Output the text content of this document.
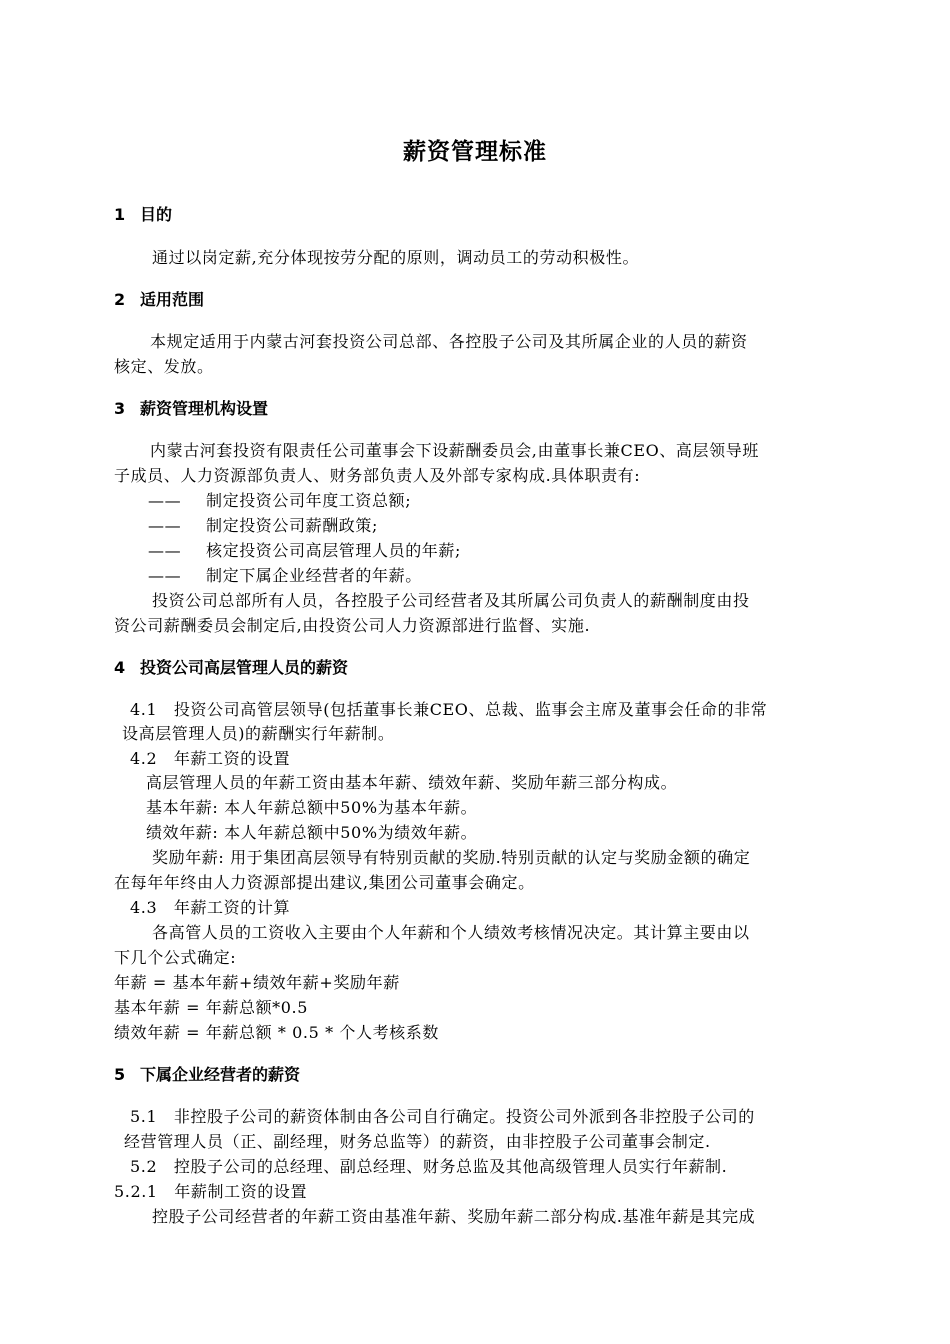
薪资管理标准
1 目的
通过以岗定薪,充分体现按劳分配的原则，调动员工的劳动积极性。
2 适用范围
本规定适用于内蒙古河套投资公司总部、各控股子公司及其所属企业的人员的薪资
核定、发放。
3 薪资管理机构设置
内蒙古河套投资有限责任公司董事会下设薪酬委员会,由董事长兼CEO、高层领导班
子成员、人力资源部负责人、财务部负责人及外部专家构成.具体职责有:
—— 制定投资公司年度工资总额;
—— 制定投资公司薪酬政策;
—— 核定投资公司高层管理人员的年薪;
—— 制定下属企业经营者的年薪。
投资公司总部所有人员，各控股子公司经营者及其所属公司负责人的薪酬制度由投
资公司薪酬委员会制定后,由投资公司人力资源部进行监督、实施.
4 投资公司高层管理人员的薪资
4.1　投资公司高管层领导(包括董事长兼CEO、总裁、监事会主席及董事会任命的非常
设高层管理人员)的薪酬实行年薪制。
4.2　年薪工资的设置
高层管理人员的年薪工资由基本年薪、绩效年薪、奖励年薪三部分构成。
基本年薪: 本人年薪总额中50%为基本年薪。
绩效年薪: 本人年薪总额中50%为绩效年薪。
奖励年薪: 用于集团高层领导有特别贡献的奖励.特别贡献的认定与奖励金额的确定
在每年年终由人力资源部提出建议,集团公司董事会确定。
4.3　年薪工资的计算
各高管人员的工资收入主要由个人年薪和个人绩效考核情况决定。其计算主要由以
下几个公式确定:
年薪 = 基本年薪+绩效年薪+奖励年薪
基本年薪 = 年薪总额*0.5
绩效年薪 = 年薪总额 * 0.5 * 个人考核系数
5 下属企业经营者的薪资
5.1　非控股子公司的薪资体制由各公司自行确定。投资公司外派到各非控股子公司的
经营管理人员（正、副经理，财务总监等）的薪资，由非控股子公司董事会制定.
5.2　控股子公司的总经理、副总经理、财务总监及其他高级管理人员实行年薪制.
5.2.1　年薪制工资的设置
控股子公司经营者的年薪工资由基准年薪、奖励年薪二部分构成.基准年薪是其完成
